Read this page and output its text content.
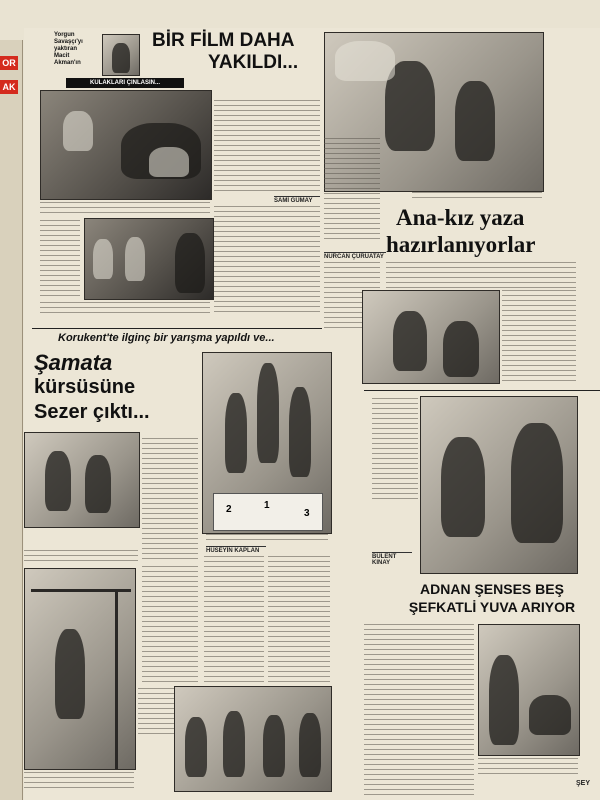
OR
AK
Yorgun
Savaşçı'yı
yaktıran
Macit
Akman'ın
BİR FİLM DAHA
YAKILDI...
KULAKLARI ÇINLASIN...
SAMİ GÜMAY
Ana-kız yaza
hazırlanıyorlar
NURCAN ÇURUATAY
Korukent'te ilginç bir yarışma yapıldı ve...
Şamata
kürsüsüne
Sezer çıktı...
2	1
3
HÜSEYİN KAPLAN
BÜLENT
KINAY
ADNAN ŞENSES BEŞ
ŞEFKATLİ YUVA ARIYOR
ŞEY
